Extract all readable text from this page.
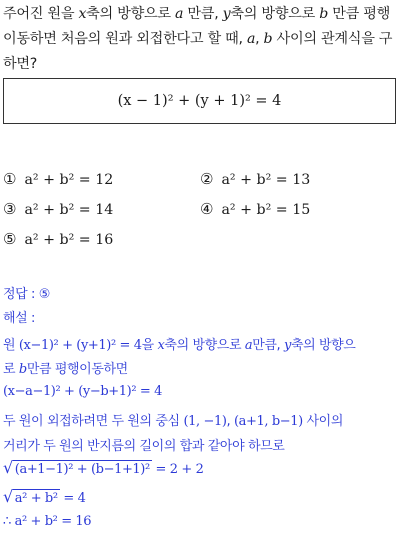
주어진 원을 x축의 방향으로 a 만큼, y축의 방향으로 b 만큼 평행
이동하면 처음의 원과 외접한다고 할 때, a, b 사이의 관계식을 구
하면?
(x − 1)² + (y + 1)² = 4
① a² + b² = 12	② a² + b² = 13
③ a² + b² = 14	④ a² + b² = 15
⑤ a² + b² = 16
정답 : ⑤
해설 :
원 (x−1)² + (y+1)² = 4을 x축의 방향으로 a만큼, y축의 방향으
로 b만큼 평행이동하면
(x−a−1)² + (y−b+1)² = 4
두 원이 외접하려면 두 원의 중심 (1, −1), (a+1, b−1) 사이의
거리가 두 원의 반지름의 길이의 합과 같아야 하므로
√ (a+1−1)² + (b−1+1)² = 2 + 2
√ a² + b² = 4
∴ a² + b² = 16
